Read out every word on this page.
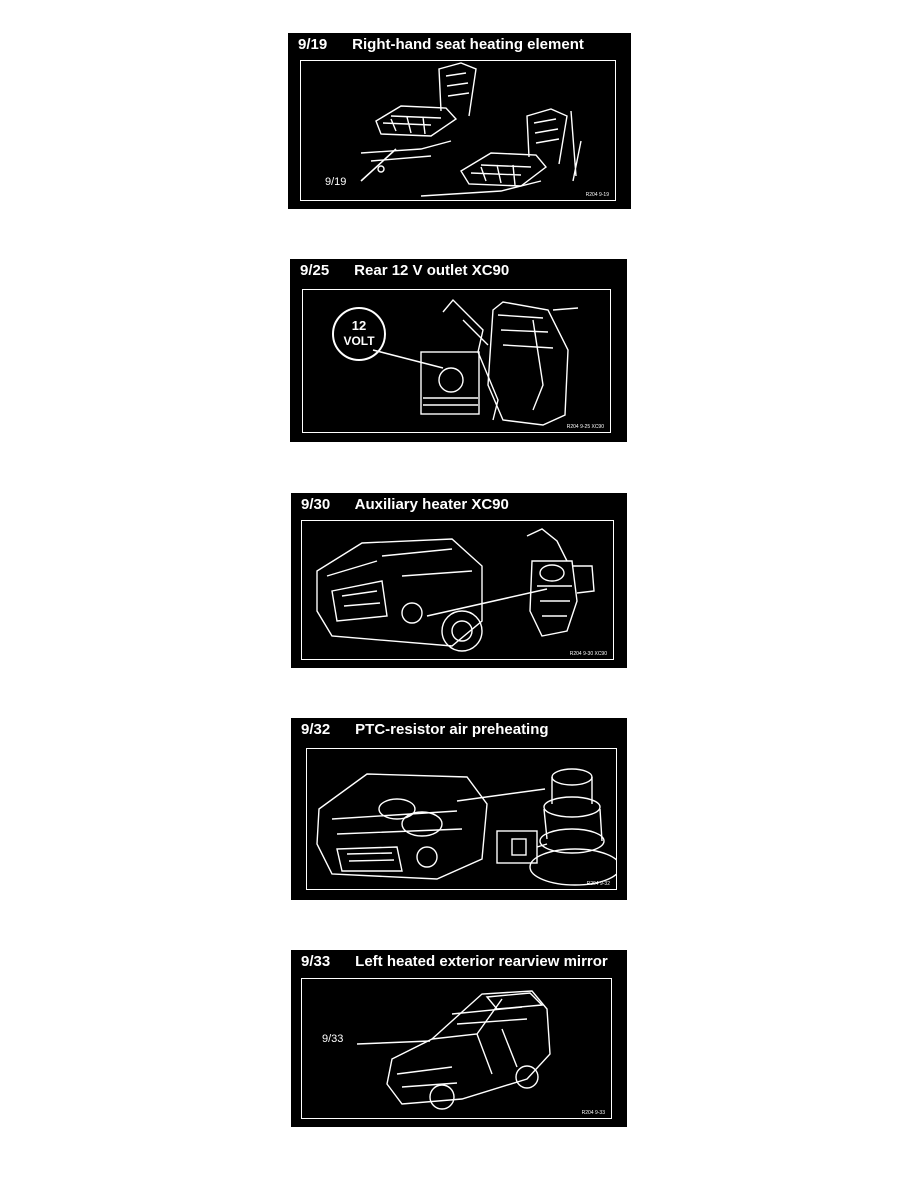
9/19 Right-hand seat heating element
9/19
R204 9-19
9/25 Rear 12 V outlet XC90
12
VOLT
R204 9-25 XC90
9/30 Auxiliary heater XC90
R204 9-30 XC90
9/32 PTC-resistor air preheating
R204 9-32
9/33 Left heated exterior rearview mirror
9/33
R204 9-33
